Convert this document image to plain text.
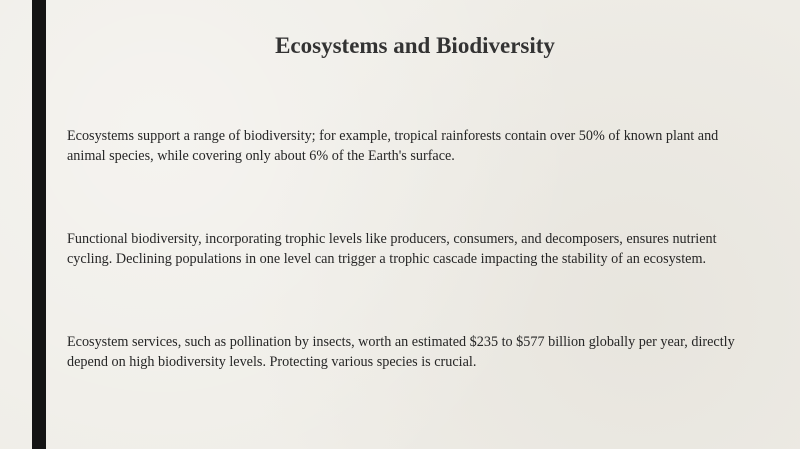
Ecosystems and Biodiversity

Ecosystems support a range of biodiversity; for example, tropical rainforests contain over 50% of known plant and animal species, while covering only about 6% of the Earth's surface.

Functional biodiversity, incorporating trophic levels like producers, consumers, and decomposers, ensures nutrient cycling. Declining populations in one level can trigger a trophic cascade impacting the stability of an ecosystem.

Ecosystem services, such as pollination by insects, worth an estimated $235 to $577 billion globally per year, directly depend on high biodiversity levels. Protecting various species is crucial.
